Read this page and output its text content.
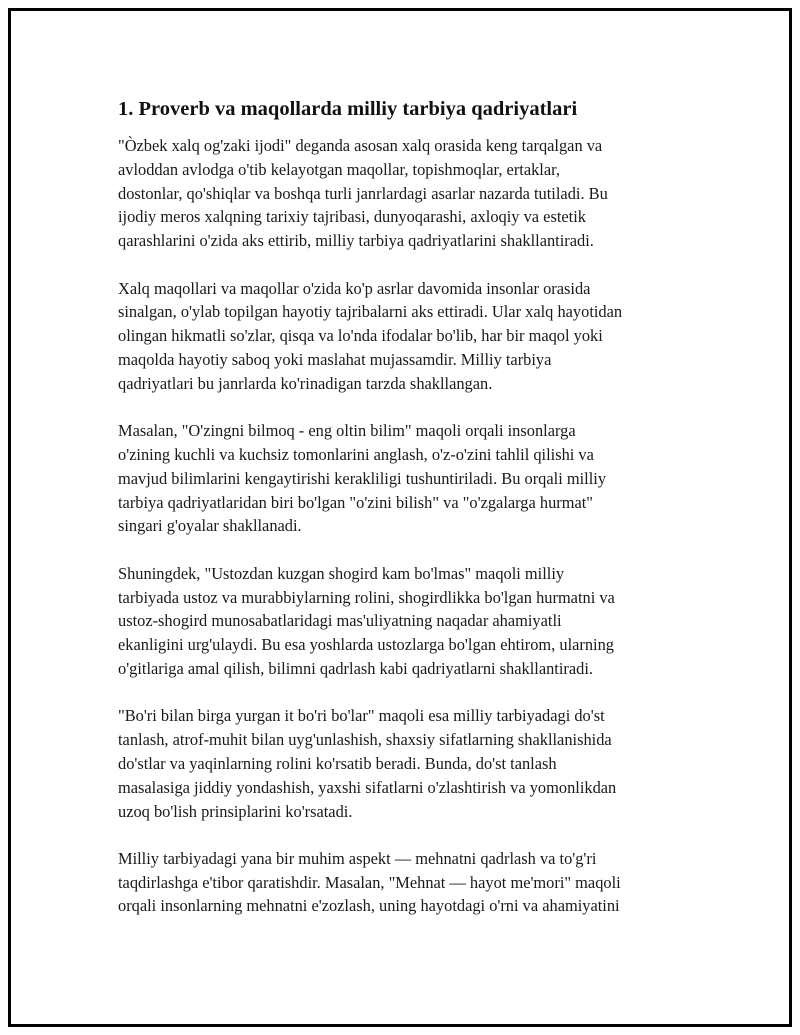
1. Proverb va maqollarda milliy tarbiya qadriyatlari

"Òzbek xalq og'zaki ijodi" deganda asosan xalq orasida keng tarqalgan va
avloddan avlodga o'tib kelayotgan maqollar, topishmoqlar, ertaklar,
dostonlar, qo'shiqlar va boshqa turli janrlardagi asarlar nazarda tutiladi. Bu
ijodiy meros xalqning tarixiy tajribasi, dunyoqarashi, axloqiy va estetik
qarashlarini o'zida aks ettirib, milliy tarbiya qadriyatlarini shakllantiradi.

Xalq maqollari va maqollar o'zida ko'p asrlar davomida insonlar orasida
sinalgan, o'ylab topilgan hayotiy tajribalarni aks ettiradi. Ular xalq hayotidan
olingan hikmatli so'zlar, qisqa va lo'nda ifodalar bo'lib, har bir maqol yoki
maqolda hayotiy saboq yoki maslahat mujassamdir. Milliy tarbiya
qadriyatlari bu janrlarda ko'rinadigan tarzda shakllangan.

Masalan, "O'zingni bilmoq - eng oltin bilim" maqoli orqali insonlarga
o'zining kuchli va kuchsiz tomonlarini anglash, o'z-o'zini tahlil qilishi va
mavjud bilimlarini kengaytirishi kerakliligi tushuntiriladi. Bu orqali milliy
tarbiya qadriyatlaridan biri bo'lgan "o'zini bilish" va "o'zgalarga hurmat"
singari g'oyalar shakllanadi.

Shuningdek, "Ustozdan kuzgan shogird kam bo'lmas" maqoli milliy
tarbiyada ustoz va murabbiylarning rolini, shogirdlikka bo'lgan hurmatni va
ustoz-shogird munosabatlaridagi mas'uliyatning naqadar ahamiyatli
ekanligini urg'ulaydi. Bu esa yoshlarda ustozlarga bo'lgan ehtirom, ularning
o'gitlariga amal qilish, bilimni qadrlash kabi qadriyatlarni shakllantiradi.

"Bo'ri bilan birga yurgan it bo'ri bo'lar" maqoli esa milliy tarbiyadagi do'st
tanlash, atrof-muhit bilan uyg'unlashish, shaxsiy sifatlarning shakllanishida
do'stlar va yaqinlarning rolini ko'rsatib beradi. Bunda, do'st tanlash
masalasiga jiddiy yondashish, yaxshi sifatlarni o'zlashtirish va yomonlikdan
uzoq bo'lish prinsiplarini ko'rsatadi.

Milliy tarbiyadagi yana bir muhim aspekt — mehnatni qadrlash va to'g'ri
taqdirlashga e'tibor qaratishdir. Masalan, "Mehnat — hayot me'mori" maqoli
orqali insonlarning mehnatni e'zozlash, uning hayotdagi o'rni va ahamiyatini
